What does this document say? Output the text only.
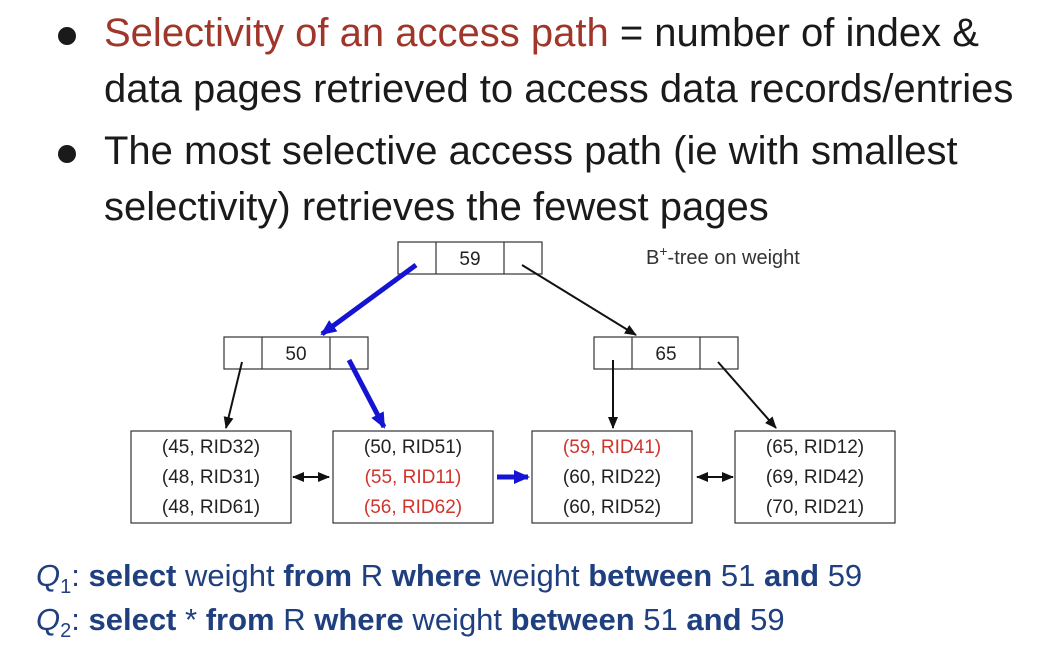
Selectivity of an access path = number of index &
data pages retrieved to access data records/entries
The most selective access path (ie with smallest
selectivity) retrieves the fewest pages
B+-tree on weight
59
50	65
(45, RID32)
(48, RID31)
(48, RID61)
(50, RID51)
(55, RID11)
(56, RID62)
(59, RID41)
(60, RID22)
(60, RID52)
(65, RID12)
(69, RID42)
(70, RID21)
$Q_1$: select weight from R where weight between 51 and 59
$Q_2$: select * from R where weight between 51 and 59
